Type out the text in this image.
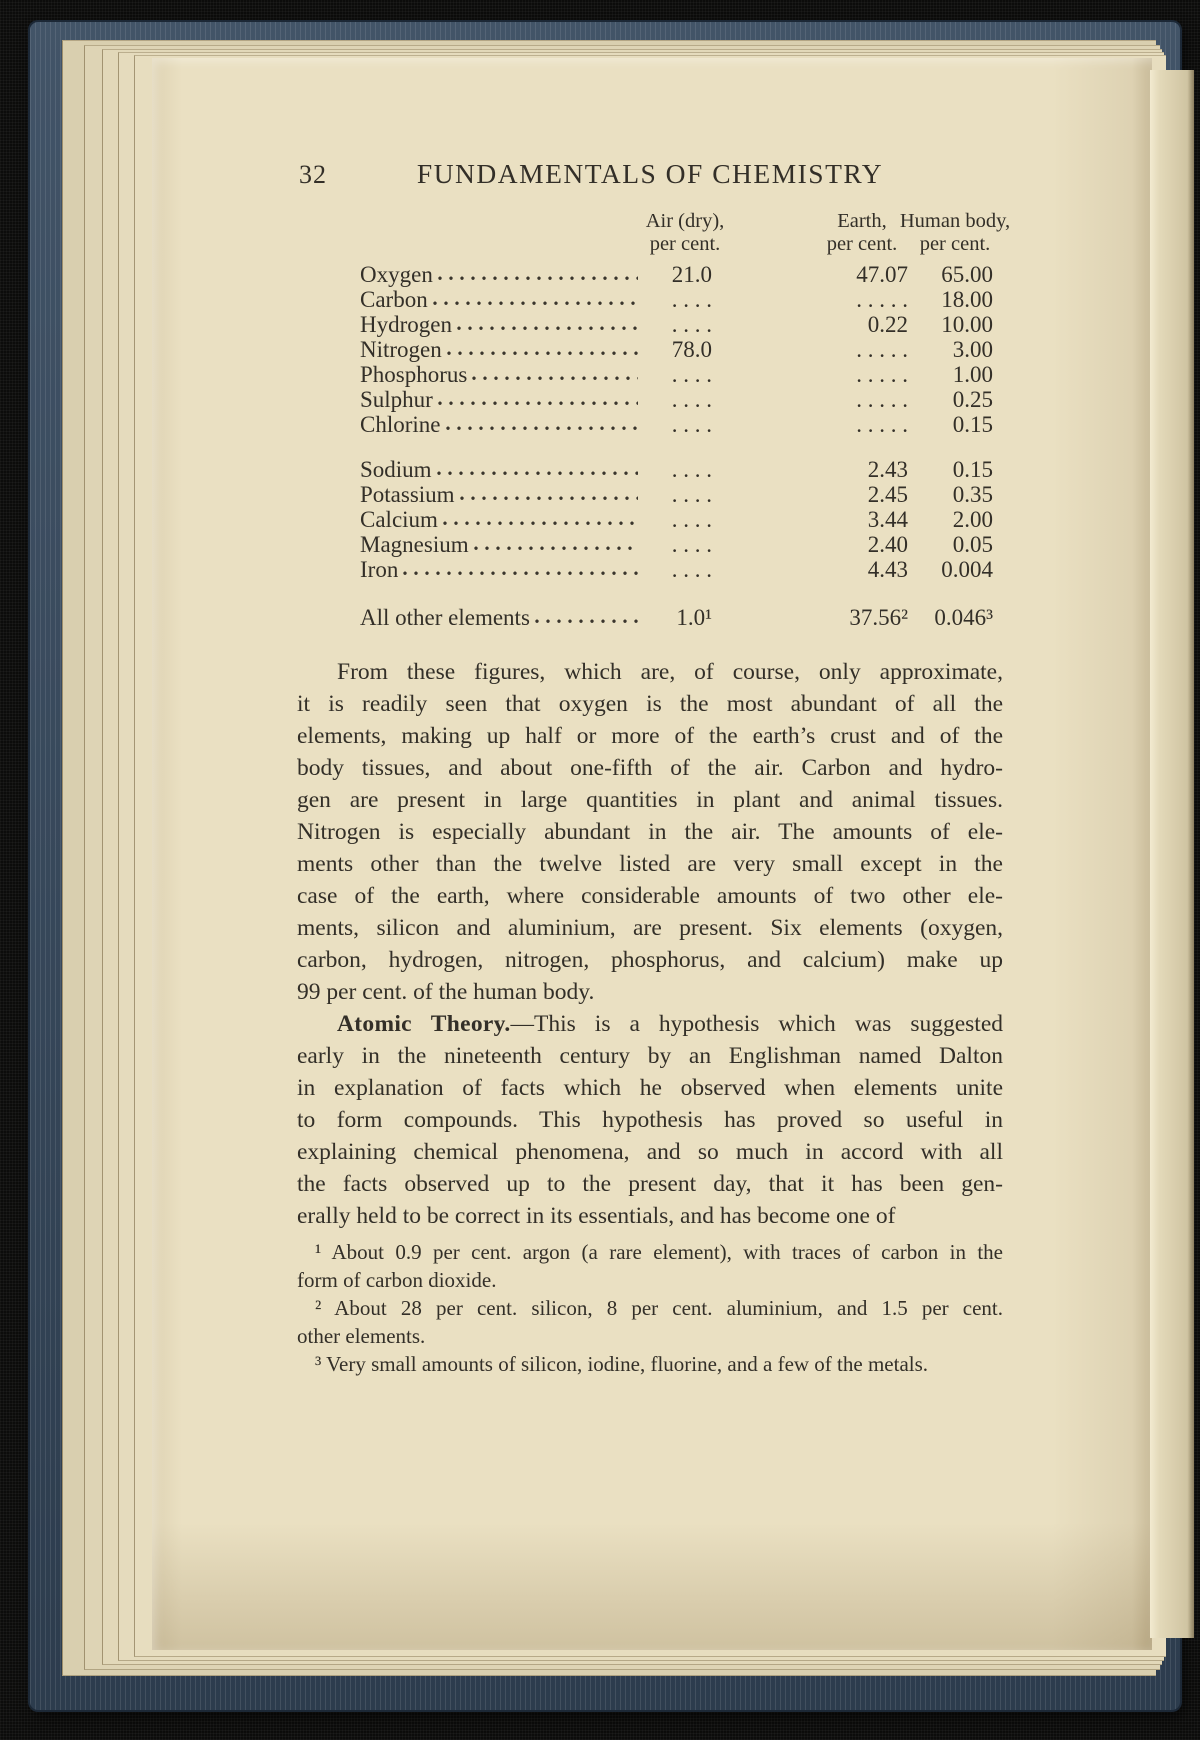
32	FUNDAMENTALS OF CHEMISTRY
Air (dry),
per cent.
Earth,
per cent.
Human body,
per cent.
Oxygen	21.0	47.07	65.00
Carbon	. . . .	. . . . .	18.00
Hydrogen	. . . .	0.22	10.00
Nitrogen	78.0	. . . . .	3.00
Phosphorus	. . . .	. . . . .	1.00
Sulphur	. . . .	. . . . .	0.25
Chlorine	. . . .	. . . . .	0.15
Sodium	. . . .	2.43	0.15
Potassium	. . . .	2.45	0.35
Calcium	. . . .	3.44	2.00
Magnesium	. . . .	2.40	0.05
Iron	. . . .	4.43	0.004
All other elements	1.0¹	37.56²	0.046³
From these figures, which are, of course, only approximate,
it is readily seen that oxygen is the most abundant of all the
elements, making up half or more of the earth’s crust and of the
body tissues, and about one-fifth of the air. Carbon and hydro-
gen are present in large quantities in plant and animal tissues.
Nitrogen is especially abundant in the air. The amounts of ele-
ments other than the twelve listed are very small except in the
case of the earth, where considerable amounts of two other ele-
ments, silicon and aluminium, are present. Six elements (oxygen,
carbon, hydrogen, nitrogen, phosphorus, and calcium) make up
99 per cent. of the human body.
Atomic Theory.—This is a hypothesis which was suggested
early in the nineteenth century by an Englishman named Dalton
in explanation of facts which he observed when elements unite
to form compounds. This hypothesis has proved so useful in
explaining chemical phenomena, and so much in accord with all
the facts observed up to the present day, that it has been gen-
erally held to be correct in its essentials, and has become one of
¹ About 0.9 per cent. argon (a rare element), with traces of carbon in the
form of carbon dioxide.
² About 28 per cent. silicon, 8 per cent. aluminium, and 1.5 per cent.
other elements.
³ Very small amounts of silicon, iodine, fluorine, and a few of the metals.
